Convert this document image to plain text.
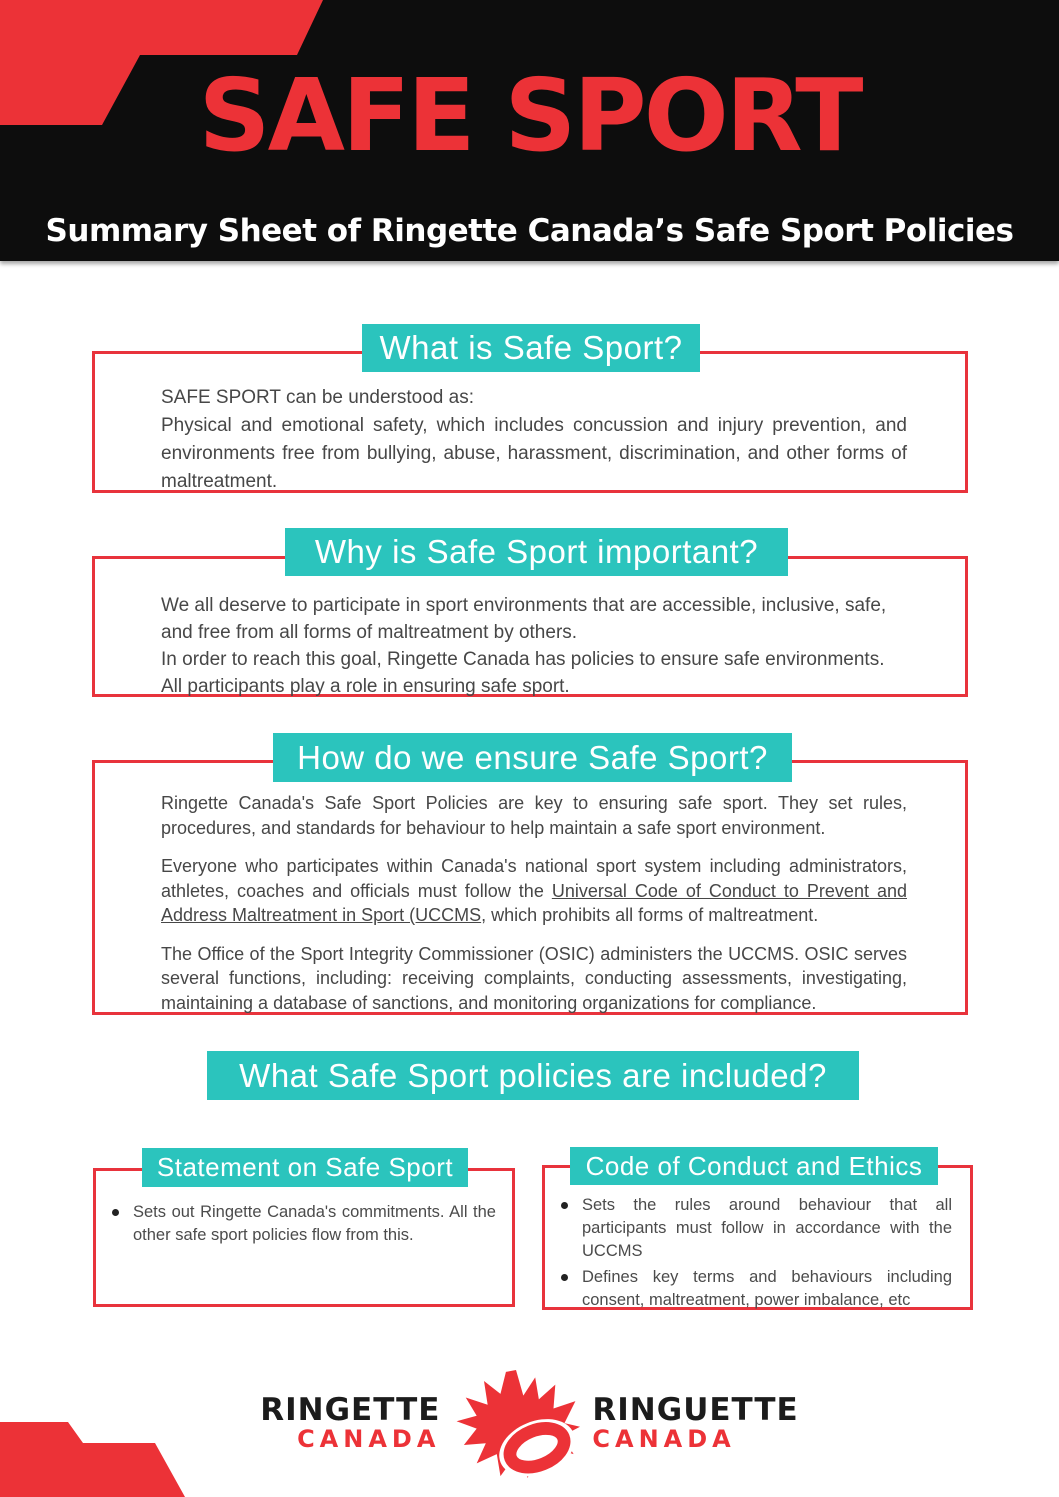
SAFE SPORT
Summary Sheet of Ringette Canada’s Safe Sport Policies
What is Safe Sport?

SAFE SPORT can be understood as:

Physical and emotional safety, which includes concussion and injury prevention, and environments free from bullying, abuse, harassment, discrimination, and other forms of maltreatment.

Why is Safe Sport important?

We all deserve to participate in sport environments that are accessible, inclusive, safe, and free from all forms of maltreatment by others.

In order to reach this goal, Ringette Canada has policies to ensure safe environments.

All participants play a role in ensuring safe sport.

How do we ensure Safe Sport?

Ringette Canada's Safe Sport Policies are key to ensuring safe sport. They set rules, procedures, and standards for behaviour to help maintain a safe sport environment.

Everyone who participates within Canada's national sport system including administrators, athletes, coaches and officials must follow the Universal Code of Conduct to Prevent and Address Maltreatment in Sport (UCCMS, which prohibits all forms of maltreatment.

The Office of the Sport Integrity Commissioner (OSIC) administers the UCCMS. OSIC serves several functions, including: receiving complaints, conducting assessments, investigating, maintaining a database of sanctions, and monitoring organizations for compliance.

What Safe Sport policies are included?
Statement on Safe Sport
Sets out Ringette Canada's commitments. All the other safe sport policies flow from this.
Code of Conduct and Ethics
Sets the rules around behaviour that all participants must follow in accordance with the UCCMS
Defines key terms and behaviours including consent, maltreatment, power imbalance, etc
RINGETTE
CANADA
RINGUETTE
CANADA
